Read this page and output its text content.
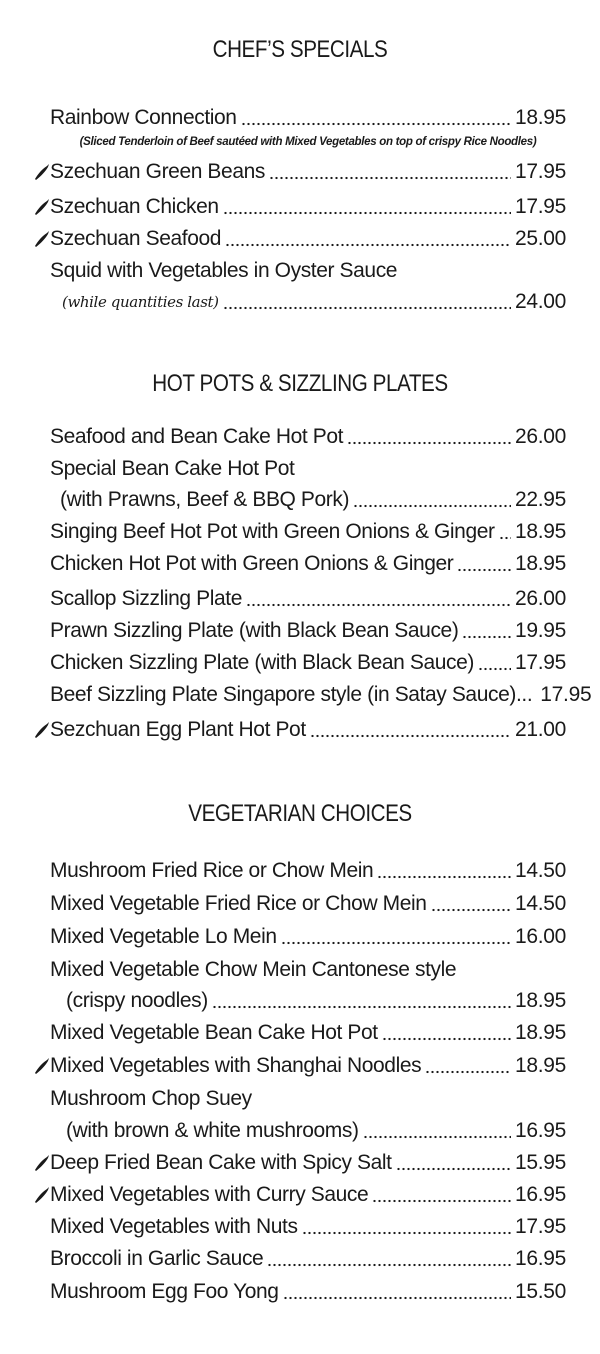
CHEF’S SPECIALS
Rainbow Connection	18.95
(Sliced Tenderloin of Beef sautéed with Mixed Vegetables on top of crispy Rice Noodles)
Szechuan Green Beans	17.95
Szechuan Chicken	17.95
Szechuan Seafood	25.00
Squid with Vegetables in Oyster Sauce
(while quantities last)	24.00
HOT POTS & SIZZLING PLATES
Seafood and Bean Cake Hot Pot	26.00
Special Bean Cake Hot Pot
(with Prawns, Beef & BBQ Pork)	22.95
Singing Beef Hot Pot with Green Onions & Ginger 18.95
Chicken Hot Pot with Green Onions & Ginger	18.95
Scallop Sizzling Plate	26.00
Prawn Sizzling Plate (with Black Bean Sauce)	19.95
Chicken Sizzling Plate (with Black Bean Sauce) 17.95
Beef Sizzling Plate Singapore style (in Satay Sauce)... 17.95
Sezchuan Egg Plant Hot Pot	21.00
VEGETARIAN CHOICES
Mushroom Fried Rice or Chow Mein	14.50
Mixed Vegetable Fried Rice or Chow Mein	14.50
Mixed Vegetable Lo Mein	16.00
Mixed Vegetable Chow Mein Cantonese style
(crispy noodles)	18.95
Mixed Vegetable Bean Cake Hot Pot	18.95
Mixed Vegetables with Shanghai Noodles	18.95
Mushroom Chop Suey
(with brown & white mushrooms)	16.95
Deep Fried Bean Cake with Spicy Salt	15.95
Mixed Vegetables with Curry Sauce	16.95
Mixed Vegetables with Nuts	17.95
Broccoli in Garlic Sauce	16.95
Mushroom Egg Foo Yong	15.50
